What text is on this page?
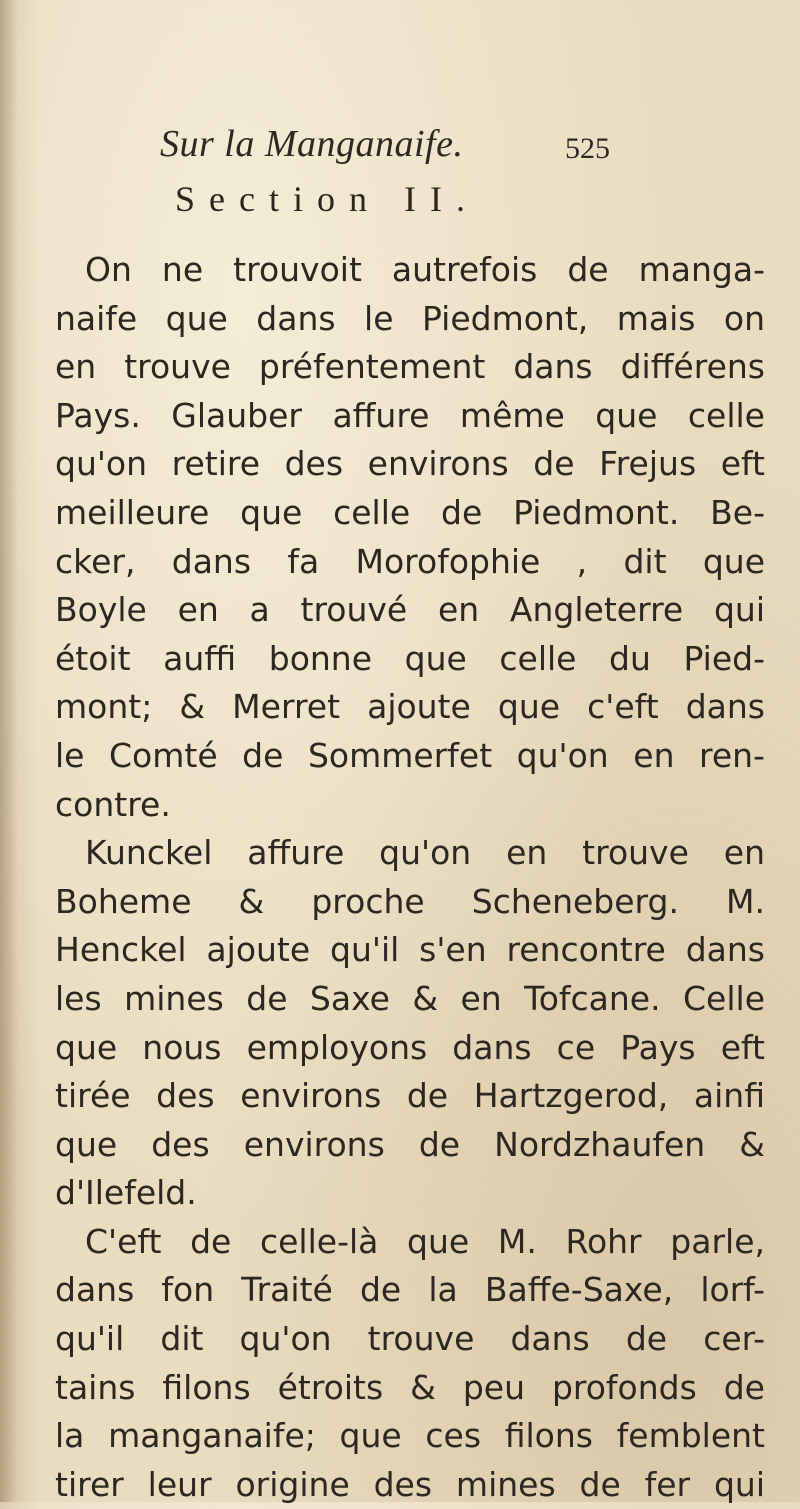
Sur la Manganaife.	525
Section II.
On ne trouvoit autrefois de manga-
naife que dans le Piedmont, mais on
en trouve préfentement dans différens
Pays. Glauber affure même que celle
qu'on retire des environs de Frejus eft
meilleure que celle de Piedmont. Be-
cker, dans fa Morofophie , dit que
Boyle en a trouvé en Angleterre qui
étoit auffi bonne que celle du Pied-
mont; & Merret ajoute que c'eft dans
le Comté de Sommerfet qu'on en ren-
contre.
Kunckel affure qu'on en trouve en
Boheme & proche Scheneberg. M.
Henckel ajoute qu'il s'en rencontre dans
les mines de Saxe & en Tofcane. Celle
que nous employons dans ce Pays eft
tirée des environs de Hartzgerod, ainfi
que des environs de Nordzhaufen &
d'Ilefeld.
C'eft de celle-là que M. Rohr parle,
dans fon Traité de la Baffe-Saxe, lorf-
qu'il dit qu'on trouve dans de cer-
tains filons étroits & peu profonds de
la manganaife; que ces filons femblent
tirer leur origine des mines de fer qui
